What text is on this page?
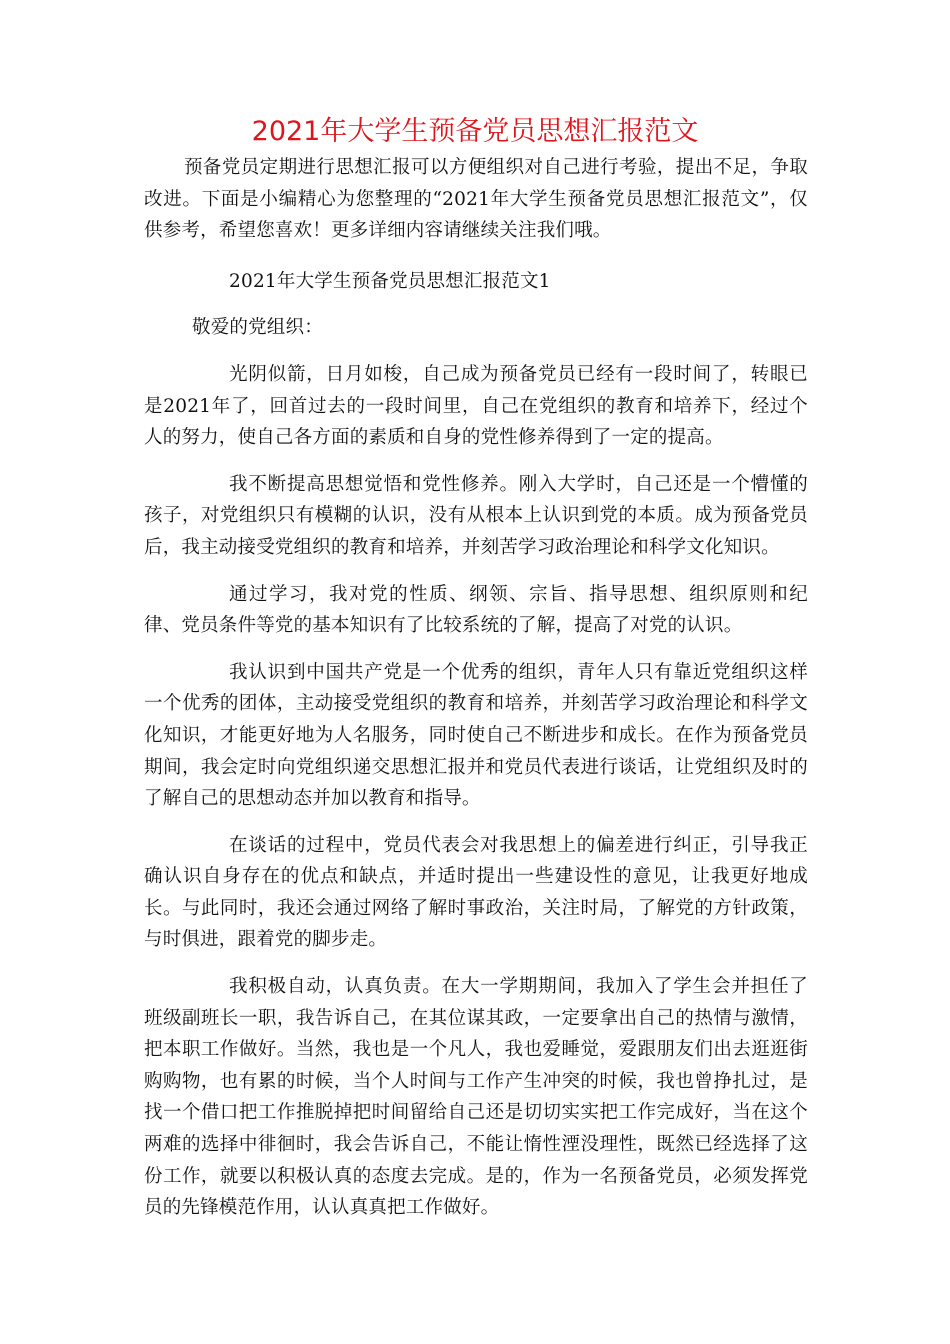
2021年大学生预备党员思想汇报范文

预备党员定期进行思想汇报可以方便组织对自己进行考验，提出不足，争取改进。下面是小编精心为您整理的“2021年大学生预备党员思想汇报范文”，仅供参考，希望您喜欢！更多详细内容请继续关注我们哦。

2021年大学生预备党员思想汇报范文1

敬爱的党组织：

光阴似箭，日月如梭，自己成为预备党员已经有一段时间了，转眼已是2021年了，回首过去的一段时间里，自己在党组织的教育和培养下，经过个人的努力，使自己各方面的素质和自身的党性修养得到了一定的提高。

我不断提高思想觉悟和党性修养。刚入大学时，自己还是一个懵懂的孩子，对党组织只有模糊的认识，没有从根本上认识到党的本质。成为预备党员后，我主动接受党组织的教育和培养，并刻苦学习政治理论和科学文化知识。

通过学习，我对党的性质、纲领、宗旨、指导思想、组织原则和纪律、党员条件等党的基本知识有了比较系统的了解，提高了对党的认识。

我认识到中国共产党是一个优秀的组织，青年人只有靠近党组织这样一个优秀的团体，主动接受党组织的教育和培养，并刻苦学习政治理论和科学文化知识，才能更好地为人名服务，同时使自己不断进步和成长。在作为预备党员期间，我会定时向党组织递交思想汇报并和党员代表进行谈话，让党组织及时的了解自己的思想动态并加以教育和指导。

在谈话的过程中，党员代表会对我思想上的偏差进行纠正，引导我正确认识自身存在的优点和缺点，并适时提出一些建设性的意见，让我更好地成长。与此同时，我还会通过网络了解时事政治，关注时局，了解党的方针政策，与时俱进，跟着党的脚步走。

我积极自动，认真负责。在大一学期期间，我加入了学生会并担任了班级副班长一职，我告诉自己，在其位谋其政，一定要拿出自己的热情与激情，把本职工作做好。当然，我也是一个凡人，我也爱睡觉，爱跟朋友们出去逛逛街购购物，也有累的时候，当个人时间与工作产生冲突的时候，我也曾挣扎过，是找一个借口把工作推脱掉把时间留给自己还是切切实实把工作完成好，当在这个两难的选择中徘徊时，我会告诉自己，不能让惰性湮没理性，既然已经选择了这份工作，就要以积极认真的态度去完成。是的，作为一名预备党员，必须发挥党员的先锋模范作用，认认真真把工作做好。
